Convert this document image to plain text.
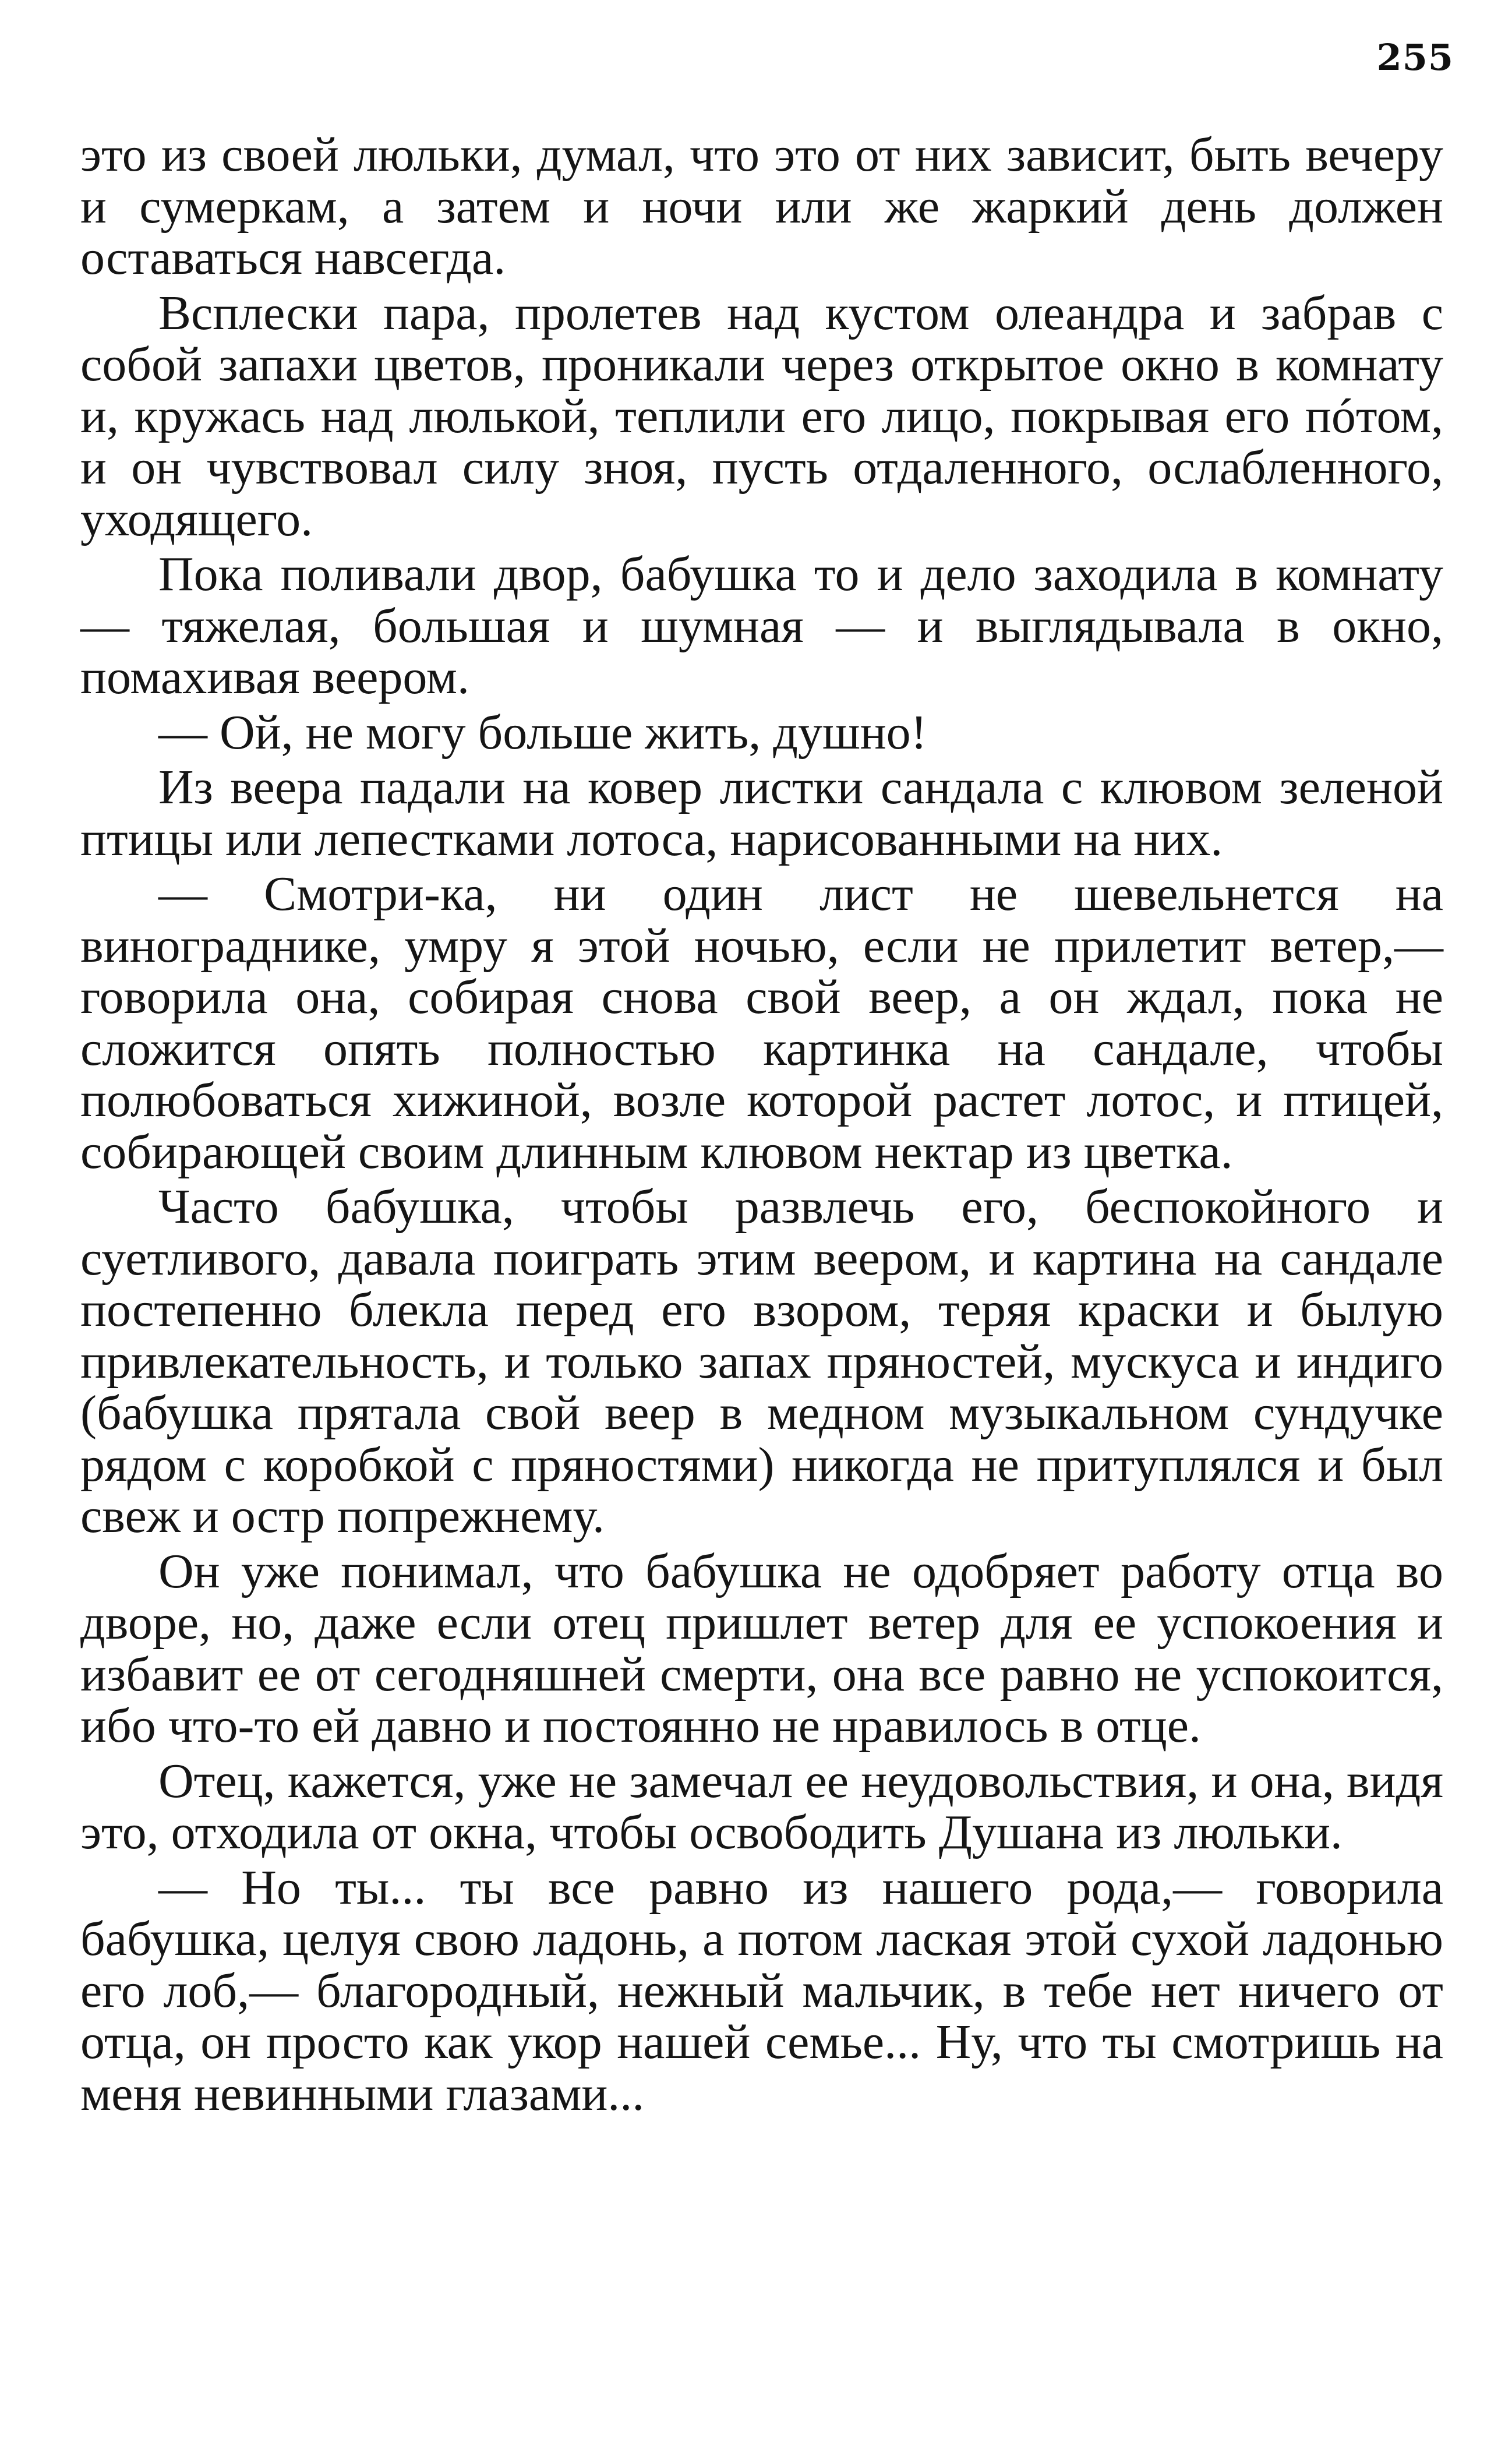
255

это из своей люльки, думал, что это от них зависит, быть вечеру и сумеркам, а затем и ночи или же жаркий день должен оставаться навсегда.

Всплески пара, пролетев над кустом олеандра и забрав с собой запахи цветов, проникали через открытое окно в комнату и, кружась над люлькой, теплили его лицо, покрывая его пóтом, и он чувствовал силу зноя, пусть отдаленного, ослабленного, уходящего.

Пока поливали двор, бабушка то и дело заходила в комнату — тяжелая, большая и шумная — и выглядывала в окно, помахивая веером.

— Ой, не могу больше жить, душно!

Из веера падали на ковер листки сандала с клювом зеленой птицы или лепестками лотоса, нарисованными на них.

— Смотри-ка, ни один лист не шевельнется на винограднике, умру я этой ночью, если не прилетит ветер,— говорила она, собирая снова свой веер, а он ждал, пока не сложится опять полностью картинка на сандале, чтобы полюбоваться хижиной, возле которой растет лотос, и птицей, собирающей своим длинным клювом нектар из цветка.

Часто бабушка, чтобы развлечь его, беспокойного и суетливого, давала поиграть этим веером, и картина на сандале постепенно блекла перед его взором, теряя краски и былую привлекательность, и только запах пряностей, мускуса и индиго (бабушка прятала свой веер в медном музыкальном сундучке рядом с коробкой с пряностями) никогда не притуплялся и был свеж и остр попрежнему.

Он уже понимал, что бабушка не одобряет работу отца во дворе, но, даже если отец пришлет ветер для ее успокоения и избавит ее от сегодняшней смерти, она все равно не успокоится, ибо что-то ей давно и постоянно не нравилось в отце.

Отец, кажется, уже не замечал ее неудовольствия, и она, видя это, отходила от окна, чтобы освободить Душана из люльки.

— Но ты... ты все равно из нашего рода,— говорила бабушка, целуя свою ладонь, а потом лаская этой сухой ладонью его лоб,— благородный, нежный мальчик, в тебе нет ничего от отца, он просто как укор нашей семье... Ну, что ты смотришь на меня невинными глазами...
